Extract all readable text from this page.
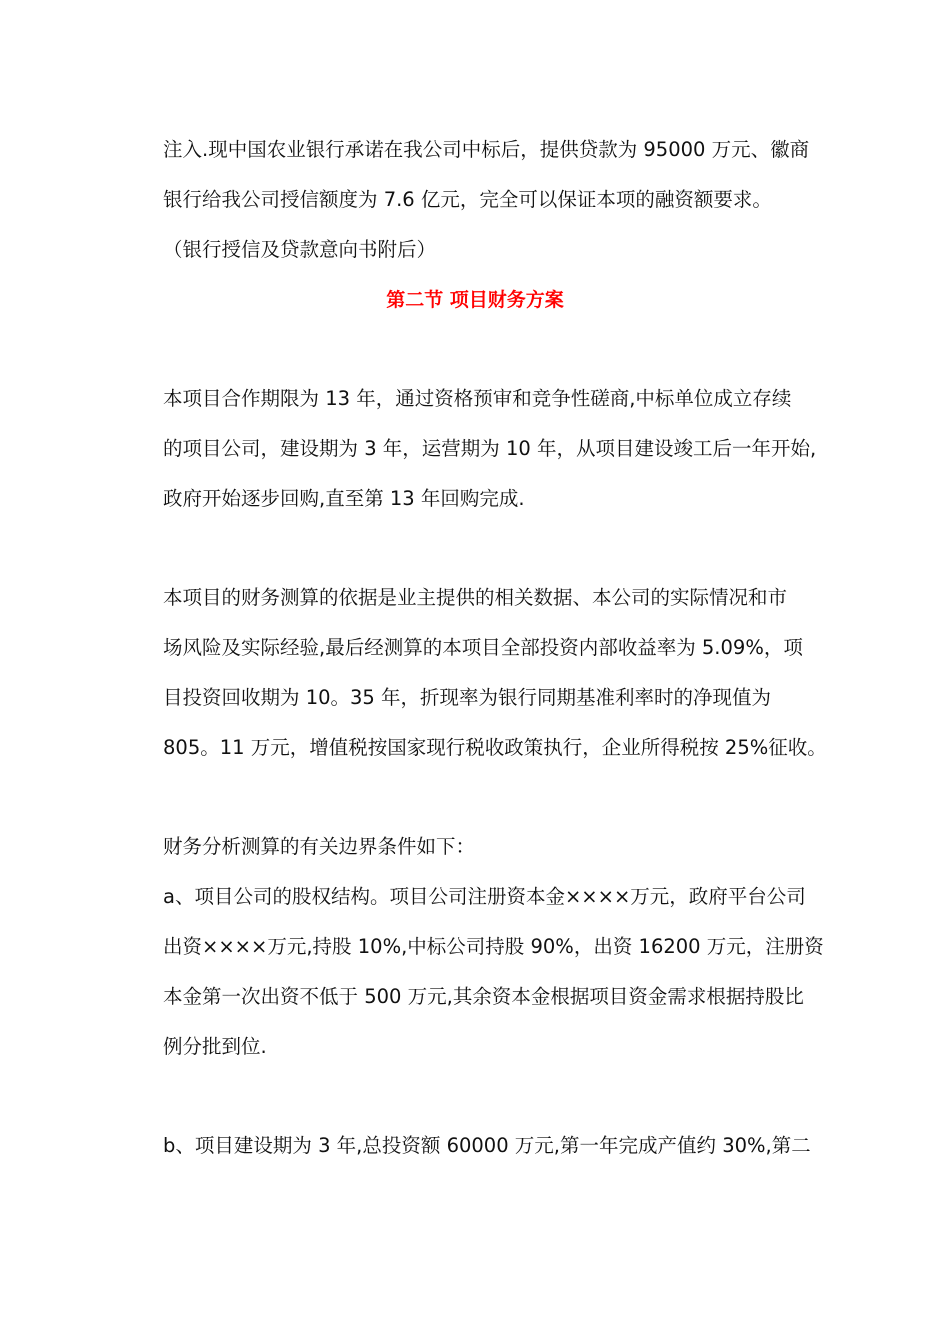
注入.现中国农业银行承诺在我公司中标后，提供贷款为 95000 万元、徽商
银行给我公司授信额度为 7.6 亿元，完全可以保证本项的融资额要求。
（银行授信及贷款意向书附后）
第二节 项目财务方案
本项目合作期限为 13 年，通过资格预审和竞争性磋商,中标单位成立存续
的项目公司，建设期为 3 年，运营期为 10 年，从项目建设竣工后一年开始,
政府开始逐步回购,直至第 13 年回购完成.
本项目的财务测算的依据是业主提供的相关数据、本公司的实际情况和市
场风险及实际经验,最后经测算的本项目全部投资内部收益率为 5.09%，项
目投资回收期为 10。35 年，折现率为银行同期基准利率时的净现值为
805。11 万元，增值税按国家现行税收政策执行，企业所得税按 25%征收。
财务分析测算的有关边界条件如下：
a、项目公司的股权结构。项目公司注册资本金××××万元，政府平台公司
出资××××万元,持股 10%,中标公司持股 90%，出资 16200 万元，注册资
本金第一次出资不低于 500 万元,其余资本金根据项目资金需求根据持股比
例分批到位.
b、项目建设期为 3 年,总投资额 60000 万元,第一年完成产值约 30%,第二
